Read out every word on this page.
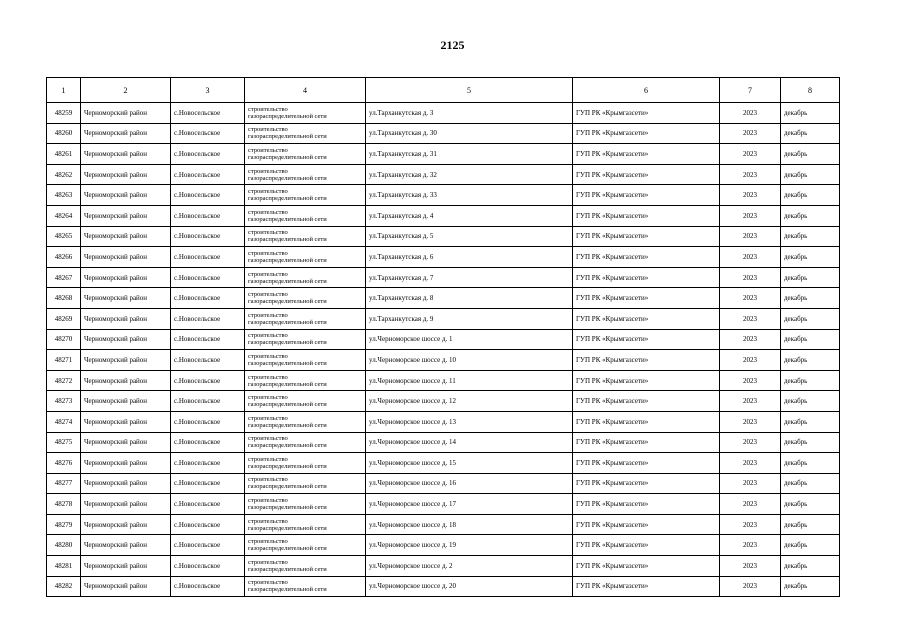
2125
1	2	3	4	5	6	7	8
48259	Черноморский район	с.Новосельское	строительство
газораспределительной сети	ул.Тарханкутская д. 3	ГУП РК «Крымгазсети»	2023	декабрь
48260	Черноморский район	с.Новосельское	строительство
газораспределительной сети	ул.Тарханкутская д. 30	ГУП РК «Крымгазсети»	2023	декабрь
48261	Черноморский район	с.Новосельское	строительство
газораспределительной сети	ул.Тарханкутская д. 31	ГУП РК «Крымгазсети»	2023	декабрь
48262	Черноморский район	с.Новосельское	строительство
газораспределительной сети	ул.Тарханкутская д. 32	ГУП РК «Крымгазсети»	2023	декабрь
48263	Черноморский район	с.Новосельское	строительство
газораспределительной сети	ул.Тарханкутская д. 33	ГУП РК «Крымгазсети»	2023	декабрь
48264	Черноморский район	с.Новосельское	строительство
газораспределительной сети	ул.Тарханкутская д. 4	ГУП РК «Крымгазсети»	2023	декабрь
48265	Черноморский район	с.Новосельское	строительство
газораспределительной сети	ул.Тарханкутская д. 5	ГУП РК «Крымгазсети»	2023	декабрь
48266	Черноморский район	с.Новосельское	строительство
газораспределительной сети	ул.Тарханкутская д. 6	ГУП РК «Крымгазсети»	2023	декабрь
48267	Черноморский район	с.Новосельское	строительство
газораспределительной сети	ул.Тарханкутская д. 7	ГУП РК «Крымгазсети»	2023	декабрь
48268	Черноморский район	с.Новосельское	строительство
газораспределительной сети	ул.Тарханкутская д. 8	ГУП РК «Крымгазсети»	2023	декабрь
48269	Черноморский район	с.Новосельское	строительство
газораспределительной сети	ул.Тарханкутская д. 9	ГУП РК «Крымгазсети»	2023	декабрь
48270	Черноморский район	с.Новосельское	строительство
газораспределительной сети	ул.Черноморское шоссе д. 1	ГУП РК «Крымгазсети»	2023	декабрь
48271	Черноморский район	с.Новосельское	строительство
газораспределительной сети	ул.Черноморское шоссе д. 10	ГУП РК «Крымгазсети»	2023	декабрь
48272	Черноморский район	с.Новосельское	строительство
газораспределительной сети	ул.Черноморское шоссе д. 11	ГУП РК «Крымгазсети»	2023	декабрь
48273	Черноморский район	с.Новосельское	строительство
газораспределительной сети	ул.Черноморское шоссе д. 12	ГУП РК «Крымгазсети»	2023	декабрь
48274	Черноморский район	с.Новосельское	строительство
газораспределительной сети	ул.Черноморское шоссе д. 13	ГУП РК «Крымгазсети»	2023	декабрь
48275	Черноморский район	с.Новосельское	строительство
газораспределительной сети	ул.Черноморское шоссе д. 14	ГУП РК «Крымгазсети»	2023	декабрь
48276	Черноморский район	с.Новосельское	строительство
газораспределительной сети	ул.Черноморское шоссе д. 15	ГУП РК «Крымгазсети»	2023	декабрь
48277	Черноморский район	с.Новосельское	строительство
газораспределительной сети	ул.Черноморское шоссе д. 16	ГУП РК «Крымгазсети»	2023	декабрь
48278	Черноморский район	с.Новосельское	строительство
газораспределительной сети	ул.Черноморское шоссе д. 17	ГУП РК «Крымгазсети»	2023	декабрь
48279	Черноморский район	с.Новосельское	строительство
газораспределительной сети	ул.Черноморское шоссе д. 18	ГУП РК «Крымгазсети»	2023	декабрь
48280	Черноморский район	с.Новосельское	строительство
газораспределительной сети	ул.Черноморское шоссе д. 19	ГУП РК «Крымгазсети»	2023	декабрь
48281	Черноморский район	с.Новосельское	строительство
газораспределительной сети	ул.Черноморское шоссе д. 2	ГУП РК «Крымгазсети»	2023	декабрь
48282	Черноморский район	с.Новосельское	строительство
газораспределительной сети	ул.Черноморское шоссе д. 20	ГУП РК «Крымгазсети»	2023	декабрь
